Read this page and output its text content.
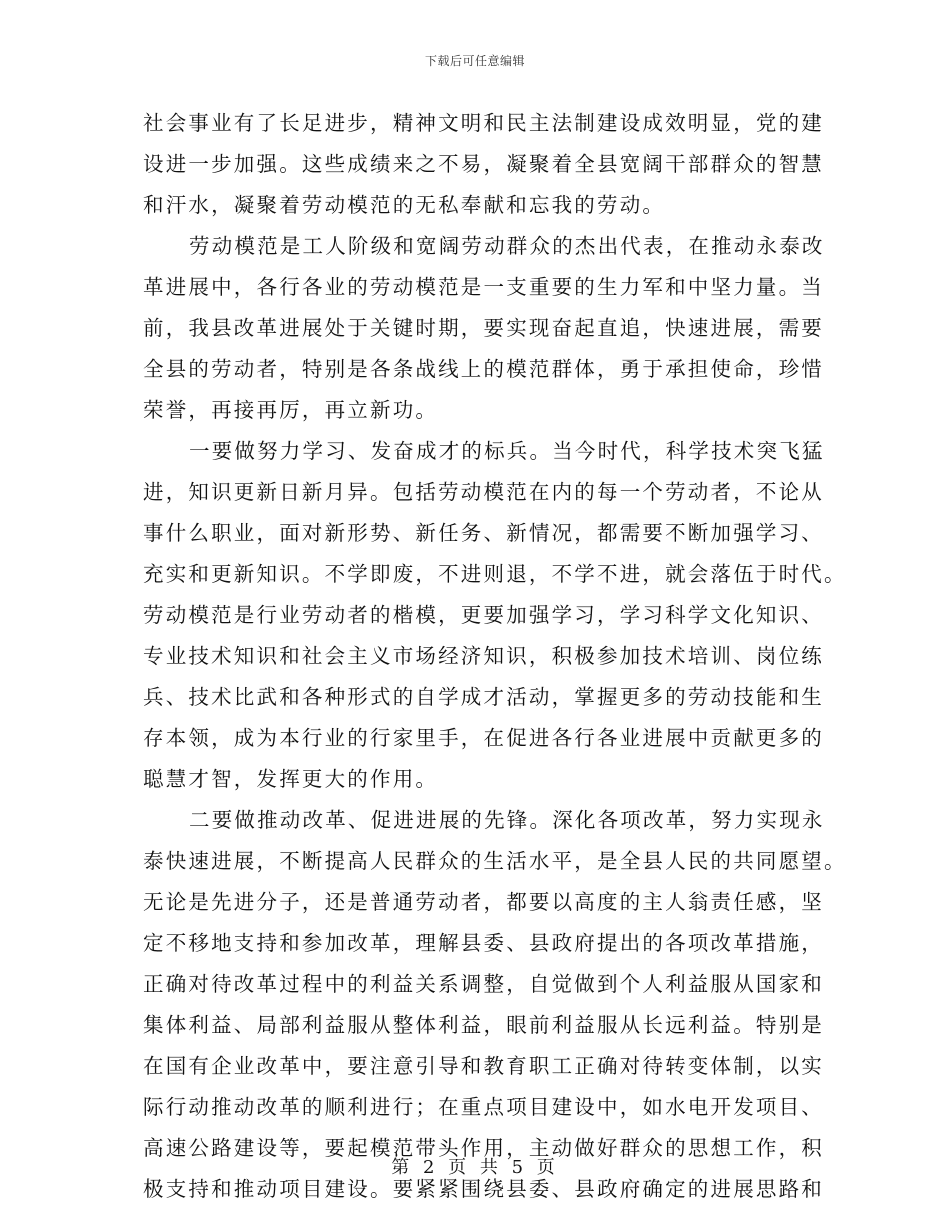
下载后可任意编辑
社会事业有了长足进步，精神文明和民主法制建设成效明显，党的建
设进一步加强。这些成绩来之不易，凝聚着全县宽阔干部群众的智慧
和汗水，凝聚着劳动模范的无私奉献和忘我的劳动。
劳动模范是工人阶级和宽阔劳动群众的杰出代表，在推动永泰改
革进展中，各行各业的劳动模范是一支重要的生力军和中坚力量。当
前，我县改革进展处于关键时期，要实现奋起直追，快速进展，需要
全县的劳动者，特别是各条战线上的模范群体，勇于承担使命，珍惜
荣誉，再接再厉，再立新功。
一要做努力学习、发奋成才的标兵。当今时代，科学技术突飞猛
进，知识更新日新月异。包括劳动模范在内的每一个劳动者，不论从
事什么职业，面对新形势、新任务、新情况，都需要不断加强学习、
充实和更新知识。不学即废，不进则退，不学不进，就会落伍于时代。
劳动模范是行业劳动者的楷模，更要加强学习，学习科学文化知识、
专业技术知识和社会主义市场经济知识，积极参加技术培训、岗位练
兵、技术比武和各种形式的自学成才活动，掌握更多的劳动技能和生
存本领，成为本行业的行家里手，在促进各行各业进展中贡献更多的
聪慧才智，发挥更大的作用。
二要做推动改革、促进进展的先锋。深化各项改革，努力实现永
泰快速进展，不断提高人民群众的生活水平，是全县人民的共同愿望。
无论是先进分子，还是普通劳动者，都要以高度的主人翁责任感，坚
定不移地支持和参加改革，理解县委、县政府提出的各项改革措施，
正确对待改革过程中的利益关系调整，自觉做到个人利益服从国家和
集体利益、局部利益服从整体利益，眼前利益服从长远利益。特别是
在国有企业改革中，要注意引导和教育职工正确对待转变体制，以实
际行动推动改革的顺利进行；在重点项目建设中，如水电开发项目、
高速公路建设等，要起模范带头作用，主动做好群众的思想工作，积
极支持和推动项目建设。要紧紧围绕县委、县政府确定的进展思路和
第 2 页 共 5 页
